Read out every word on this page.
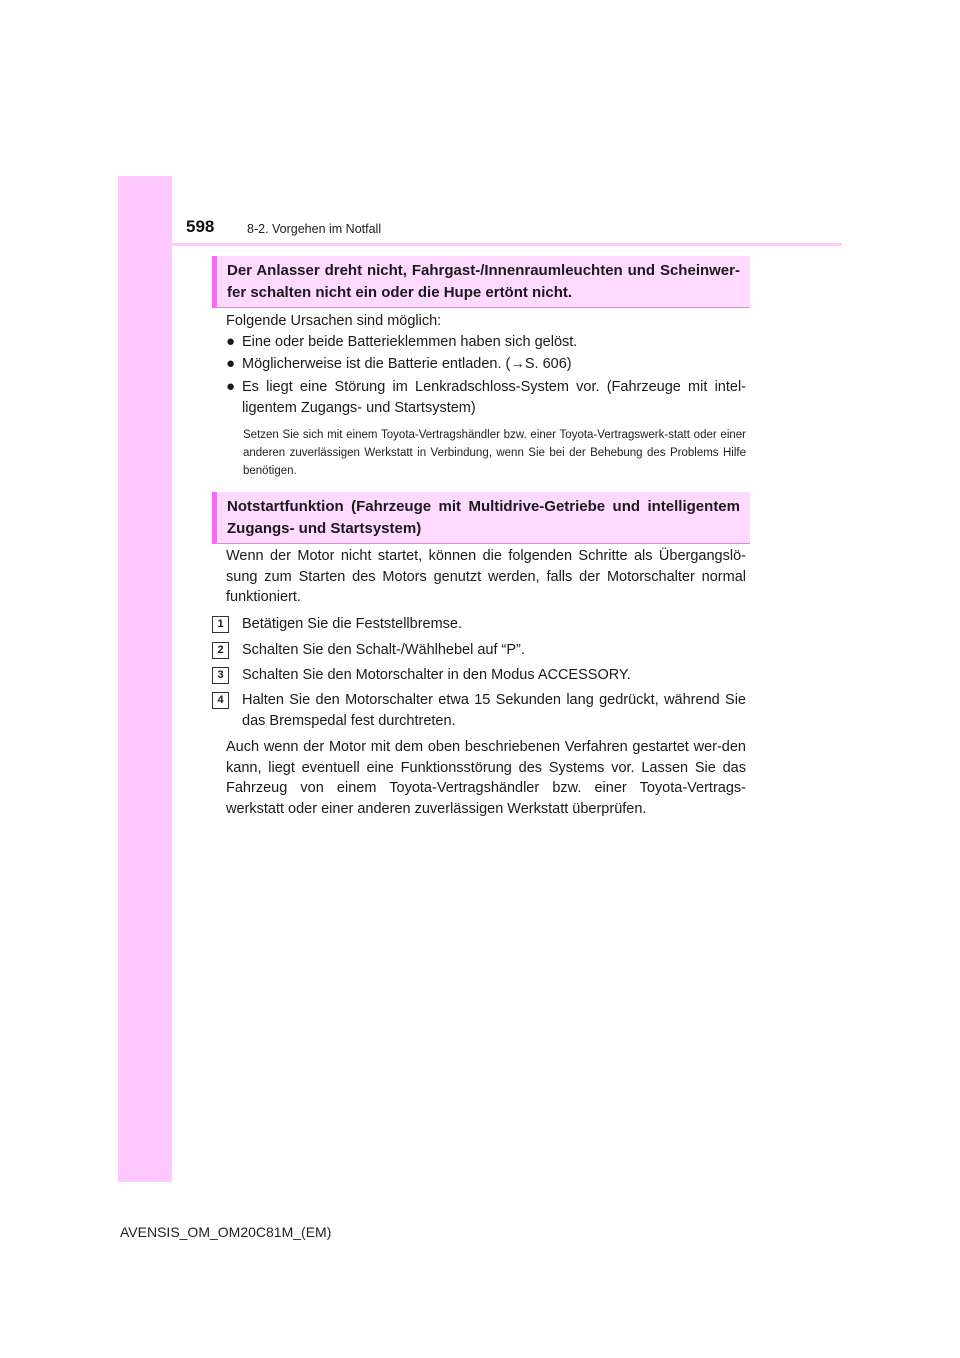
598	8-2. Vorgehen im Notfall
Der Anlasser dreht nicht, Fahrgast-/Innenraumleuchten und Scheinwer-fer schalten nicht ein oder die Hupe ertönt nicht.
Folgende Ursachen sind möglich:
● Eine oder beide Batterieklemmen haben sich gelöst.
● Möglicherweise ist die Batterie entladen. (→S. 606)
● Es liegt eine Störung im Lenkradschloss-System vor. (Fahrzeuge mit intel-ligentem Zugangs- und Startsystem)
Setzen Sie sich mit einem Toyota-Vertragshändler bzw. einer Toyota-Vertragswerk-statt oder einer anderen zuverlässigen Werkstatt in Verbindung, wenn Sie bei der Behebung des Problems Hilfe benötigen.
Notstartfunktion (Fahrzeuge mit Multidrive-Getriebe und intelligentem Zugangs- und Startsystem)
Wenn der Motor nicht startet, können die folgenden Schritte als Übergangslö-sung zum Starten des Motors genutzt werden, falls der Motorschalter normal funktioniert.
1	Betätigen Sie die Feststellbremse.
2	Schalten Sie den Schalt-/Wählhebel auf “P”.
3	Schalten Sie den Motorschalter in den Modus ACCESSORY.
4	Halten Sie den Motorschalter etwa 15 Sekunden lang gedrückt, während Sie das Bremspedal fest durchtreten.
Auch wenn der Motor mit dem oben beschriebenen Verfahren gestartet wer-den kann, liegt eventuell eine Funktionsstörung des Systems vor. Lassen Sie das Fahrzeug von einem Toyota-Vertragshändler bzw. einer Toyota-Vertrags-werkstatt oder einer anderen zuverlässigen Werkstatt überprüfen.
AVENSIS_OM_OM20C81M_(EM)
